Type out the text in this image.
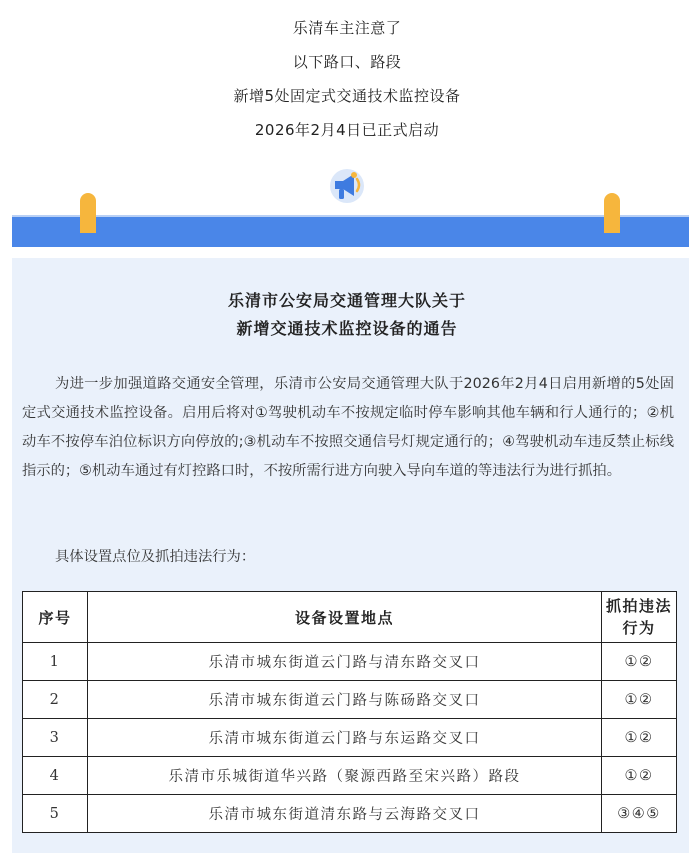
乐清车主注意了
以下路口、路段
新增5处固定式交通技术监控设备
2026年2月4日已正式启动
乐清市公安局交通管理大队关于
新增交通技术监控设备的通告
为进一步加强道路交通安全管理，乐清市公安局交通管理大队于2026年2月4日启用新增的5处固定式交通技术监控设备。启用后将对①驾驶机动车不按规定临时停车影响其他车辆和行人通行的；②机动车不按停车泊位标识方向停放的;③机动车不按照交通信号灯规定通行的；④驾驶机动车违反禁止标线指示的；⑤机动车通过有灯控路口时，不按所需行进方向驶入导向车道的等违法行为进行抓拍。
具体设置点位及抓拍违法行为：
序号	设备设置地点	抓拍违法行为
1	乐清市城东街道云门路与清东路交叉口	①②
2	乐清市城东街道云门路与陈砀路交叉口	①②
3	乐清市城东街道云门路与东运路交叉口	①②
4	乐清市乐城街道华兴路（聚源西路至宋兴路）路段	①②
5	乐清市城东街道清东路与云海路交叉口	③④⑤
